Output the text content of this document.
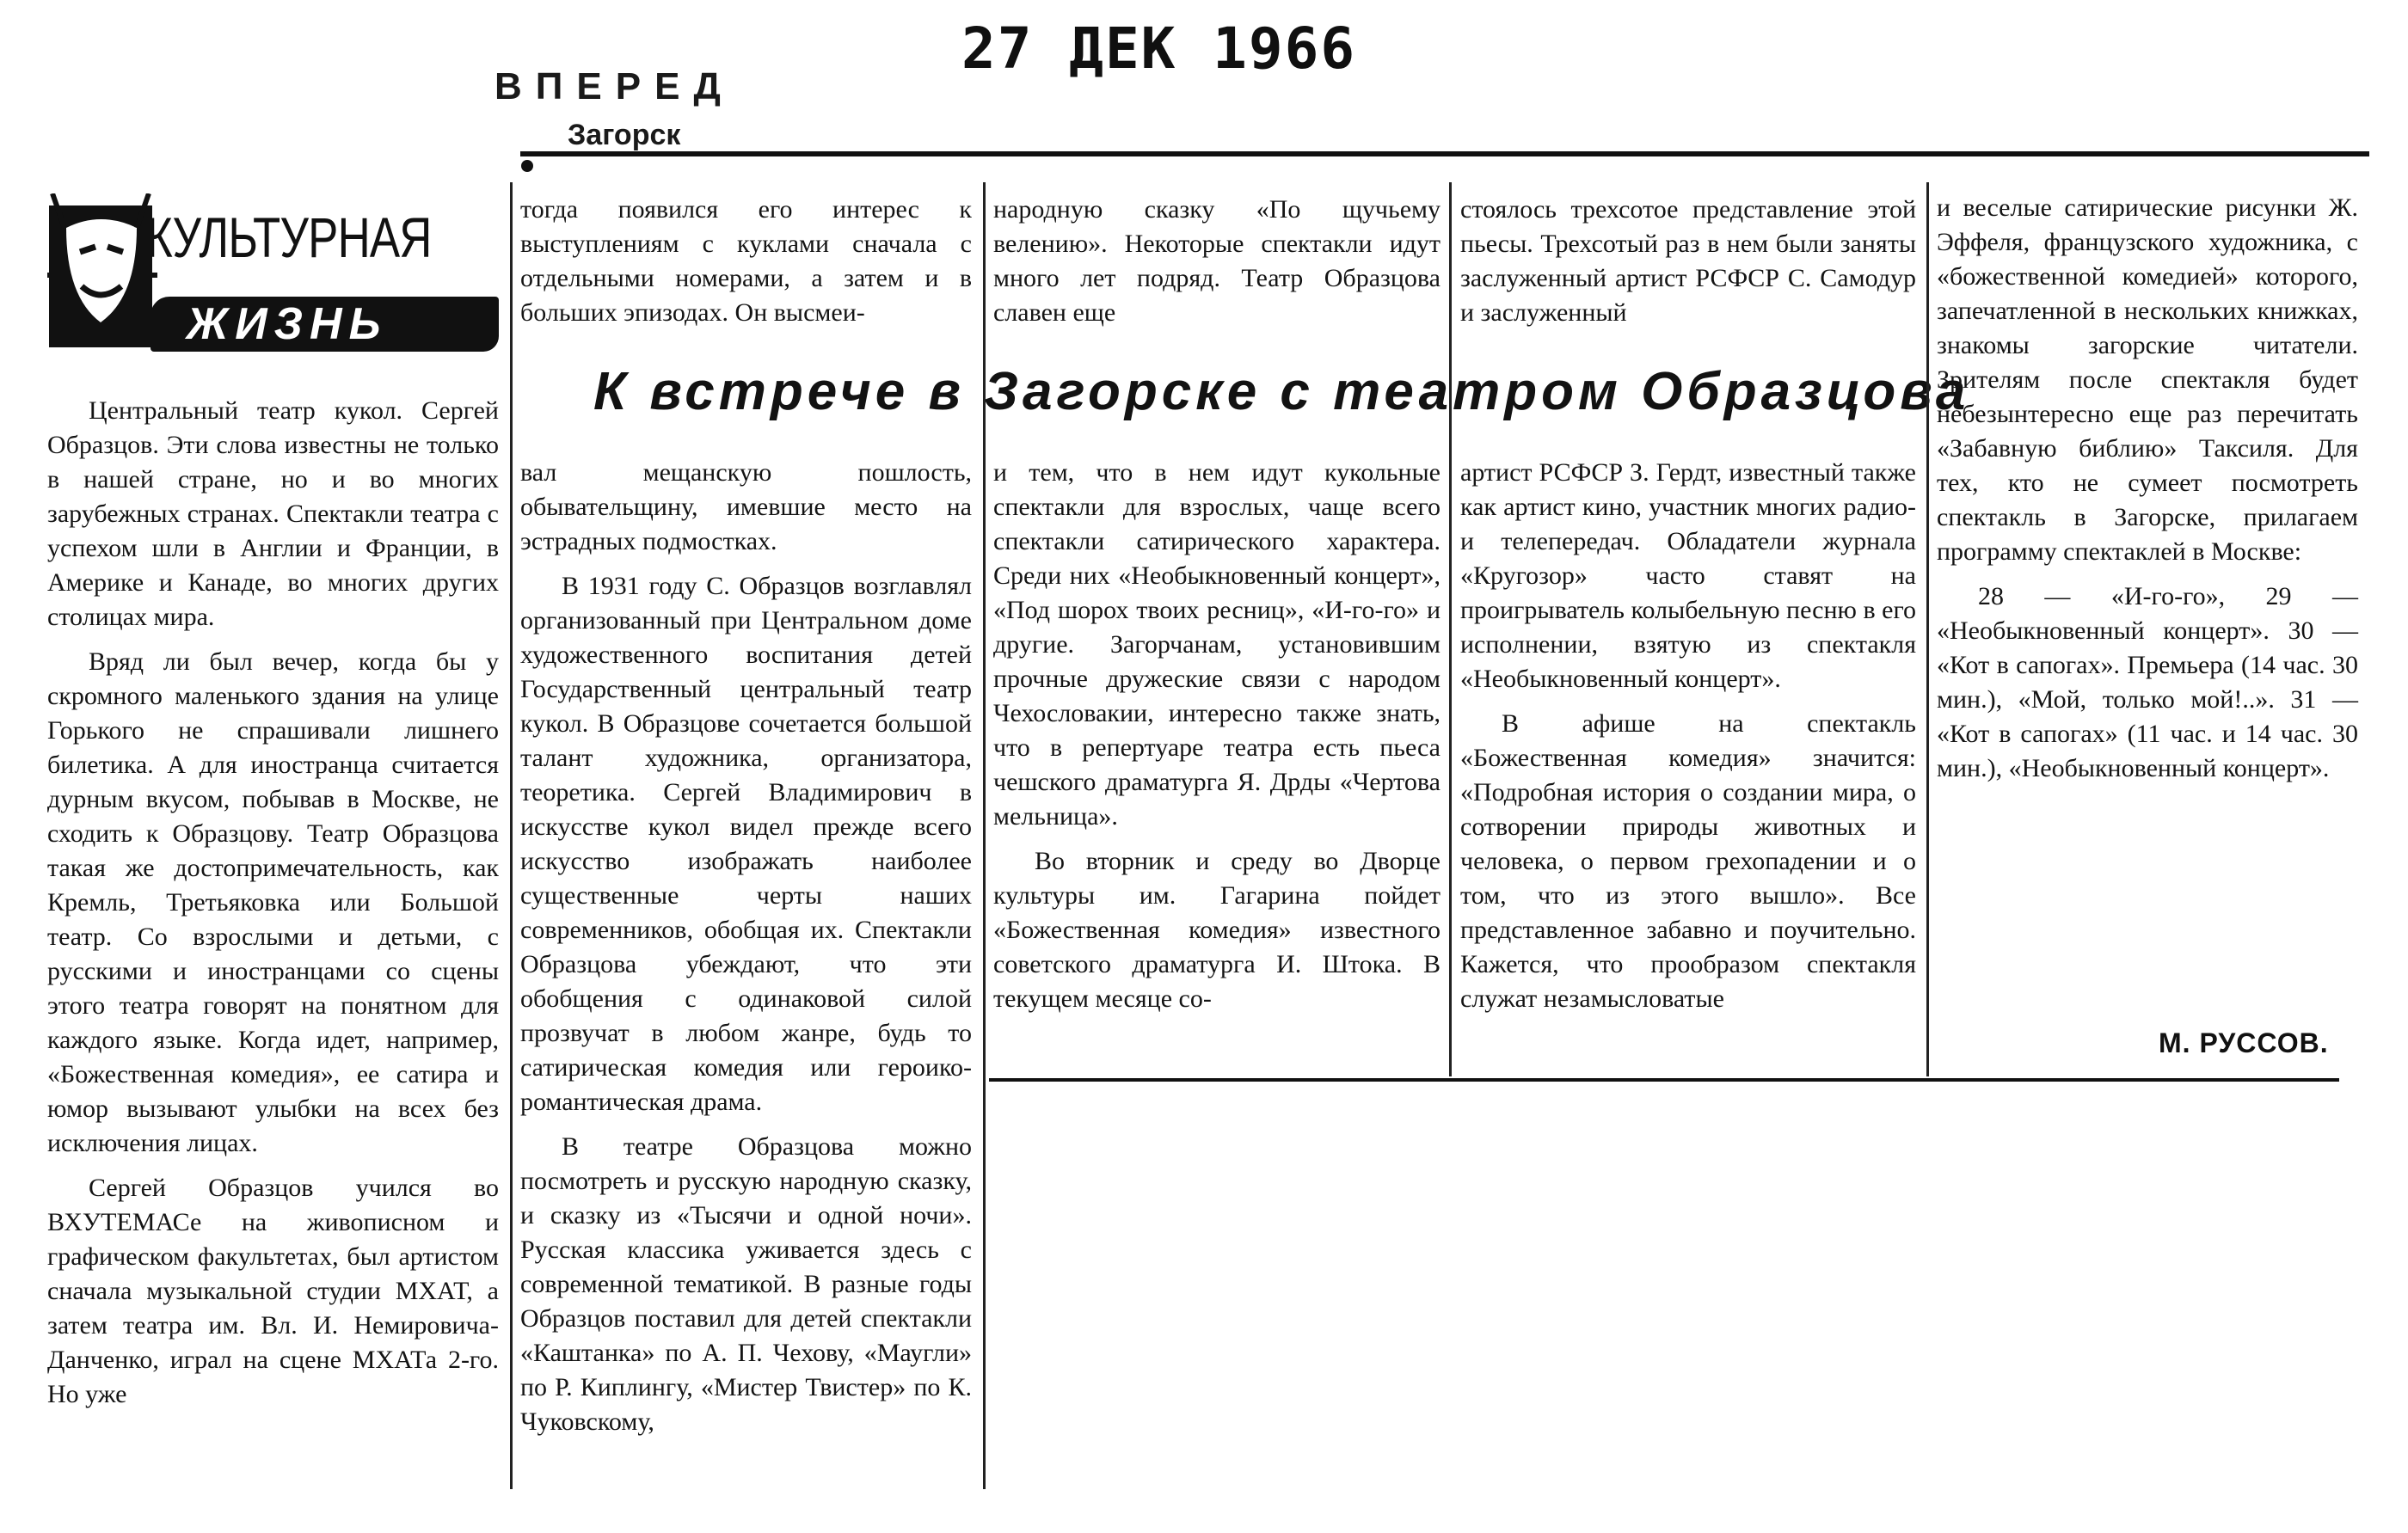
27 ДЕК 1966
ВПЕРЕД
Загорск
КУЛЬТУРНАЯ
ЖИЗНЬ
К встрече в Загорске с театром Образцова

тогда появился его интерес к выступлениям с куклами сначала с отдельными номерами, а затем и в больших эпизодах. Он высмеи-

народную сказку «По щучьему велению». Некоторые спектакли идут много лет подряд. Театр Образцова славен еще

стоялось трехсотое представление этой пьесы. Трехсотый раз в нем были заняты заслуженный артист РСФСР С. Самодур и заслуженный

Центральный театр кукол. Сергей Образцов. Эти слова известны не только в нашей стране, но и во многих зарубежных странах. Спектакли театра с успехом шли в Англии и Франции, в Америке и Канаде, во многих других столицах мира.

Вряд ли был вечер, когда бы у скромного маленького здания на улице Горького не спрашивали лишнего билетика. А для иностранца считается дурным вкусом, побывав в Москве, не сходить к Образцову. Театр Образцова такая же достопримечательность, как Кремль, Третьяковка или Большой театр. Со взрослыми и детьми, с русскими и иностранцами со сцены этого театра говорят на понятном для каждого языке. Когда идет, например, «Божественная комедия», ее сатира и юмор вызывают улыбки на всех без исключения лицах.

Сергей Образцов учился во ВХУТЕМАСе на живописном и графическом факультетах, был артистом сначала музыкальной студии МХАТ, а затем театра им. Вл. И. Немировича-Данченко, играл на сцене МХАТа 2-го. Но уже

вал мещанскую пошлость, обывательщину, имевшие место на эстрадных подмостках.

В 1931 году С. Образцов возглавлял организованный при Центральном доме художественного воспитания детей Государственный центральный театр кукол. В Образцове сочетается большой талант художника, организатора, теоретика. Сергей Владимирович в искусстве кукол видел прежде всего искусство изображать наиболее существенные черты наших современников, обобщая их. Спектакли Образцова убеждают, что эти обобщения с одинаковой силой прозвучат в любом жанре, будь то сатирическая комедия или героико-романтическая драма.

В театре Образцова можно посмотреть и русскую народную сказку, и сказку из «Тысячи и одной ночи». Русская классика уживается здесь с современной тематикой. В разные годы Образцов поставил для детей спектакли «Каштанка» по А. П. Чехову, «Маугли» по Р. Киплингу, «Мистер Твистер» по К. Чуковскому,

и тем, что в нем идут кукольные спектакли для взрослых, чаще всего спектакли сатирического характера. Среди них «Необыкновенный концерт», «Под шорох твоих ресниц», «И-го-го» и другие. Загорчанам, установившим прочные дружеские связи с народом Чехословакии, интересно также знать, что в репертуаре театра есть пьеса чешского драматурга Я. Дрды «Чертова мельница».

Во вторник и среду во Дворце культуры им. Гагарина пойдет «Божественная комедия» известного советского драматурга И. Штока. В текущем месяце со-

артист РСФСР З. Гердт, известный также как артист кино, участник многих радио- и телепередач. Обладатели журнала «Кругозор» часто ставят на проигрыватель колыбельную песню в его исполнении, взятую из спектакля «Необыкновенный концерт».

В афише на спектакль «Божественная комедия» значится: «Подробная история о создании мира, о сотворении природы животных и человека, о первом грехопадении и о том, что из этого вышло». Все представленное забавно и поучительно. Кажется, что прообразом спектакля служат незамысловатые

и веселые сатирические рисунки Ж. Эффеля, французского художника, с «божественной комедией» которого, запечатленной в нескольких книжках, знакомы загорские читатели. Зрителям после спектакля будет небезынтересно еще раз перечитать «Забавную библию» Таксиля. Для тех, кто не сумеет посмотреть спектакль в Загорске, прилагаем программу спектаклей в Москве:

28 — «И-го-го», 29 — «Необыкновенный концерт». 30 — «Кот в сапогах». Премьера (14 час. 30 мин.), «Мой, только мой!..». 31 — «Кот в сапогах» (11 час. и 14 час. 30 мин.), «Необыкновенный концерт».

М. РУССОВ.
